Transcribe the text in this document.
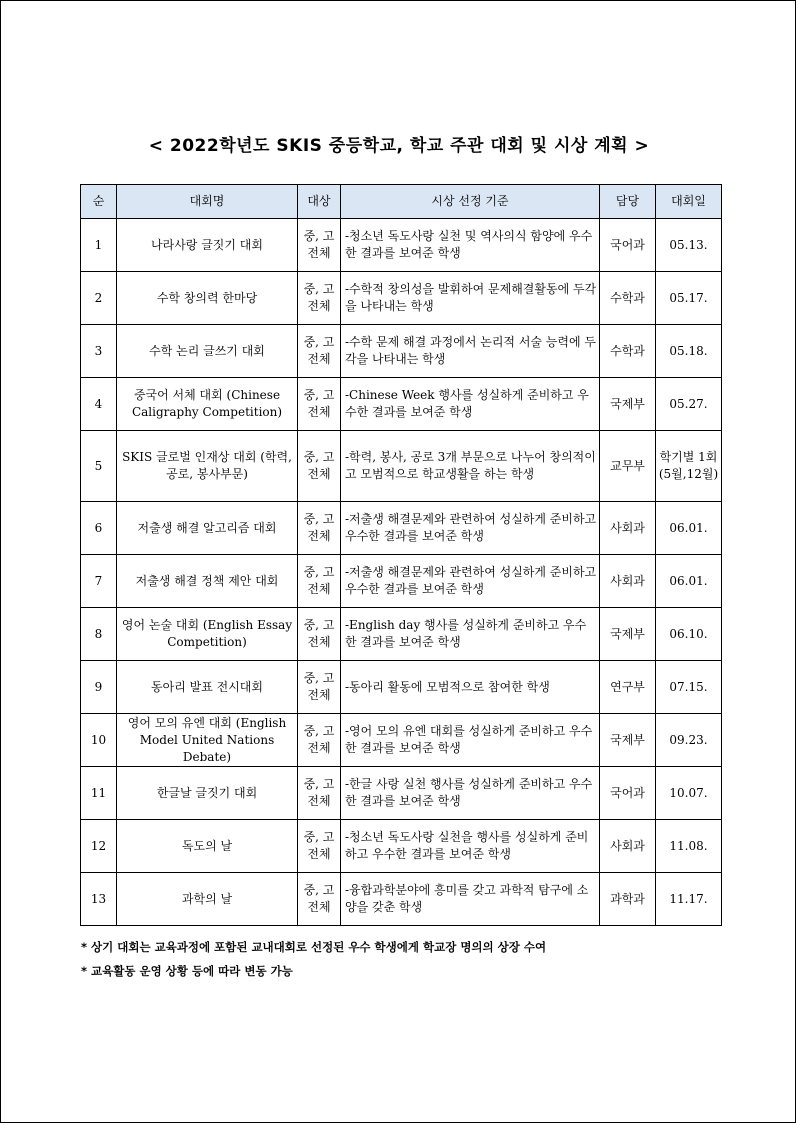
< 2022학년도 SKIS 중등학교, 학교 주관 대회 및 시상 계획 >
순	대회명	대상	시상 선정 기준	담당	대회일
1	나라사랑 글짓기 대회	중, 고 전체	-청소년 독도사랑 실천 및 역사의식 함양에 우수한 결과를 보여준 학생	국어과	05.13.
2	수학 창의력 한마당	중, 고 전체	-수학적 창의성을 발휘하여 문제해결활동에 두각을 나타내는 학생	수학과	05.17.
3	수학 논리 글쓰기 대회	중, 고 전체	-수학 문제 해결 과정에서 논리적 서술 능력에 두각을 나타내는 학생	수학과	05.18.
4	중국어 서체 대회 (Chinese Caligraphy Competition)	중, 고 전체	-Chinese Week 행사를 성실하게 준비하고 우수한 결과를 보여준 학생	국제부	05.27.
5	SKIS 글로벌 인재상 대회 (학력, 공로, 봉사부문)	중, 고 전체	-학력, 봉사, 공로 3개 부문으로 나누어 창의적이고 모범적으로 학교생활을 하는 학생	교무부	학기별 1회 (5월,12월)
6	저출생 해결 알고리즘 대회	중, 고 전체	-저출생 해결문제와 관련하여 성실하게 준비하고 우수한 결과를 보여준 학생	사회과	06.01.
7	저출생 해결 정책 제안 대회	중, 고 전체	-저출생 해결문제와 관련하여 성실하게 준비하고 우수한 결과를 보여준 학생	사회과	06.01.
8	영어 논술 대회 (English Essay Competition)	중, 고 전체	-English day 행사를 성실하게 준비하고 우수한 결과를 보여준 학생	국제부	06.10.
9	동아리 발표 전시대회	중, 고 전체	-동아리 활동에 모범적으로 참여한 학생	연구부	07.15.
10	영어 모의 유엔 대회 (English Model United Nations Debate)	중, 고 전체	-영어 모의 유엔 대회를 성실하게 준비하고 우수한 결과를 보여준 학생	국제부	09.23.
11	한글날 글짓기 대회	중, 고 전체	-한글 사랑 실천 행사를 성실하게 준비하고 우수한 결과를 보여준 학생	국어과	10.07.
12	독도의 날	중, 고 전체	-청소년 독도사랑 실천을 행사를 성실하게 준비하고 우수한 결과를 보여준 학생	사회과	11.08.
13	과학의 날	중, 고 전체	-융합과학분야에 흥미를 갖고 과학적 탐구에 소양을 갖춘 학생	과학과	11.17.
* 상기 대회는 교육과정에 포함된 교내대회로 선정된 우수 학생에게 학교장 명의의 상장 수여
* 교육활동 운영 상황 등에 따라 변동 가능
